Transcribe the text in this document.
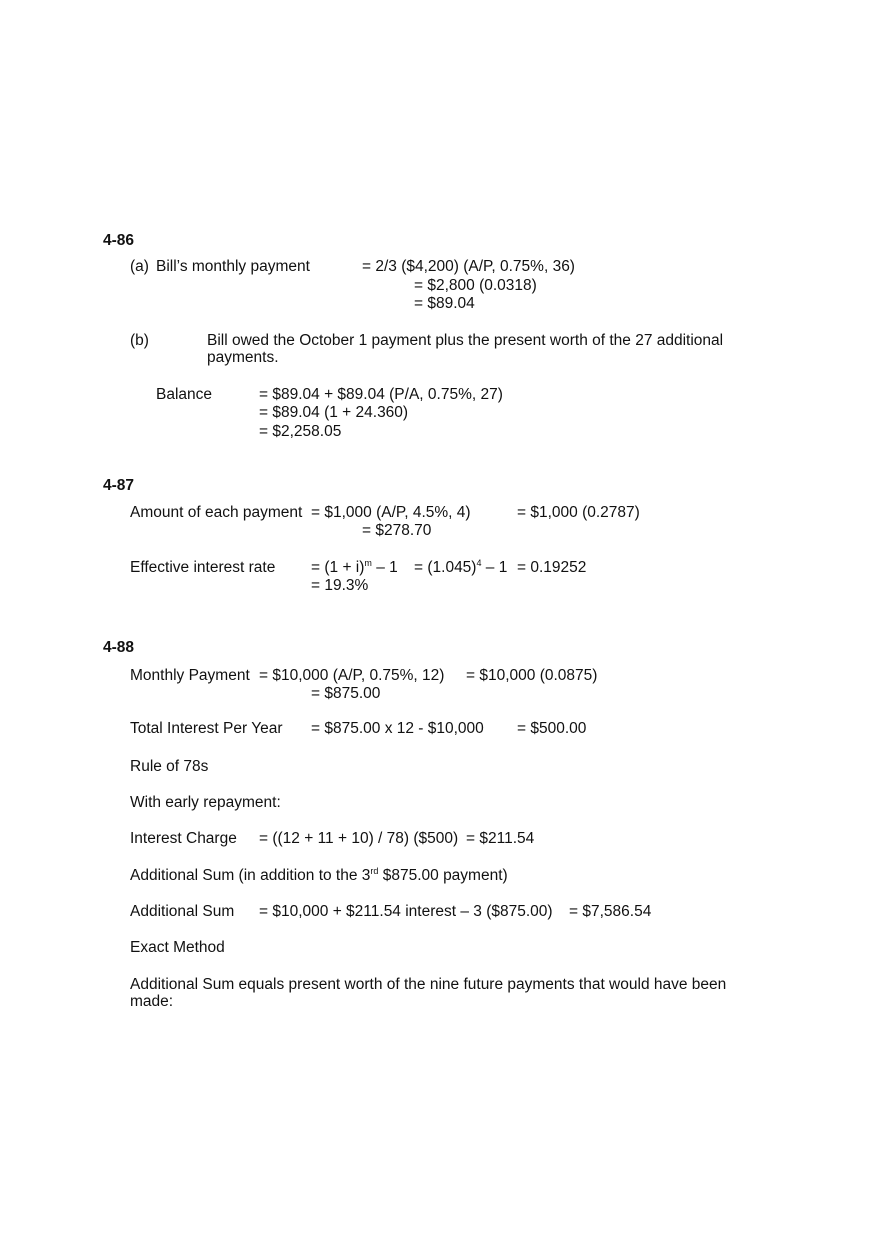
4-86
(a) Bill’s monthly payment	= 2/3 ($4,200) (A/P, 0.75%, 36)
= $2,800 (0.0318)
= $89.04
(b)	Bill owed the October 1 payment plus the present worth of the 27 additional
payments.
Balance	= $89.04 + $89.04 (P/A, 0.75%, 27)
= $89.04 (1 + 24.360)
= $2,258.05
4-87
Amount of each payment = $1,000 (A/P, 4.5%, 4)	= $1,000 (0.2787)
= $278.70
Effective interest rate = $(1 + i)^m - 1 = (1.045)^4 - 1 = 0.19252$
= 19.3%
4-88
Monthly Payment = $10,000 (A/P, 0.75%, 12) = $10,000 (0.0875)
= $875.00
Total Interest Per Year = $875.00 x 12 - $10,000 = $500.00
Rule of 78s
With early repayment:
Interest Charge = ((12 + 11 + 10) / 78) ($500) = $211.54
Additional Sum (in addition to the 3rd $875.00 payment)
Additional Sum = $10,000 + $211.54 interest – 3 ($875.00) = $7,586.54
Exact Method
Additional Sum equals present worth of the nine future payments that would have been
made:
